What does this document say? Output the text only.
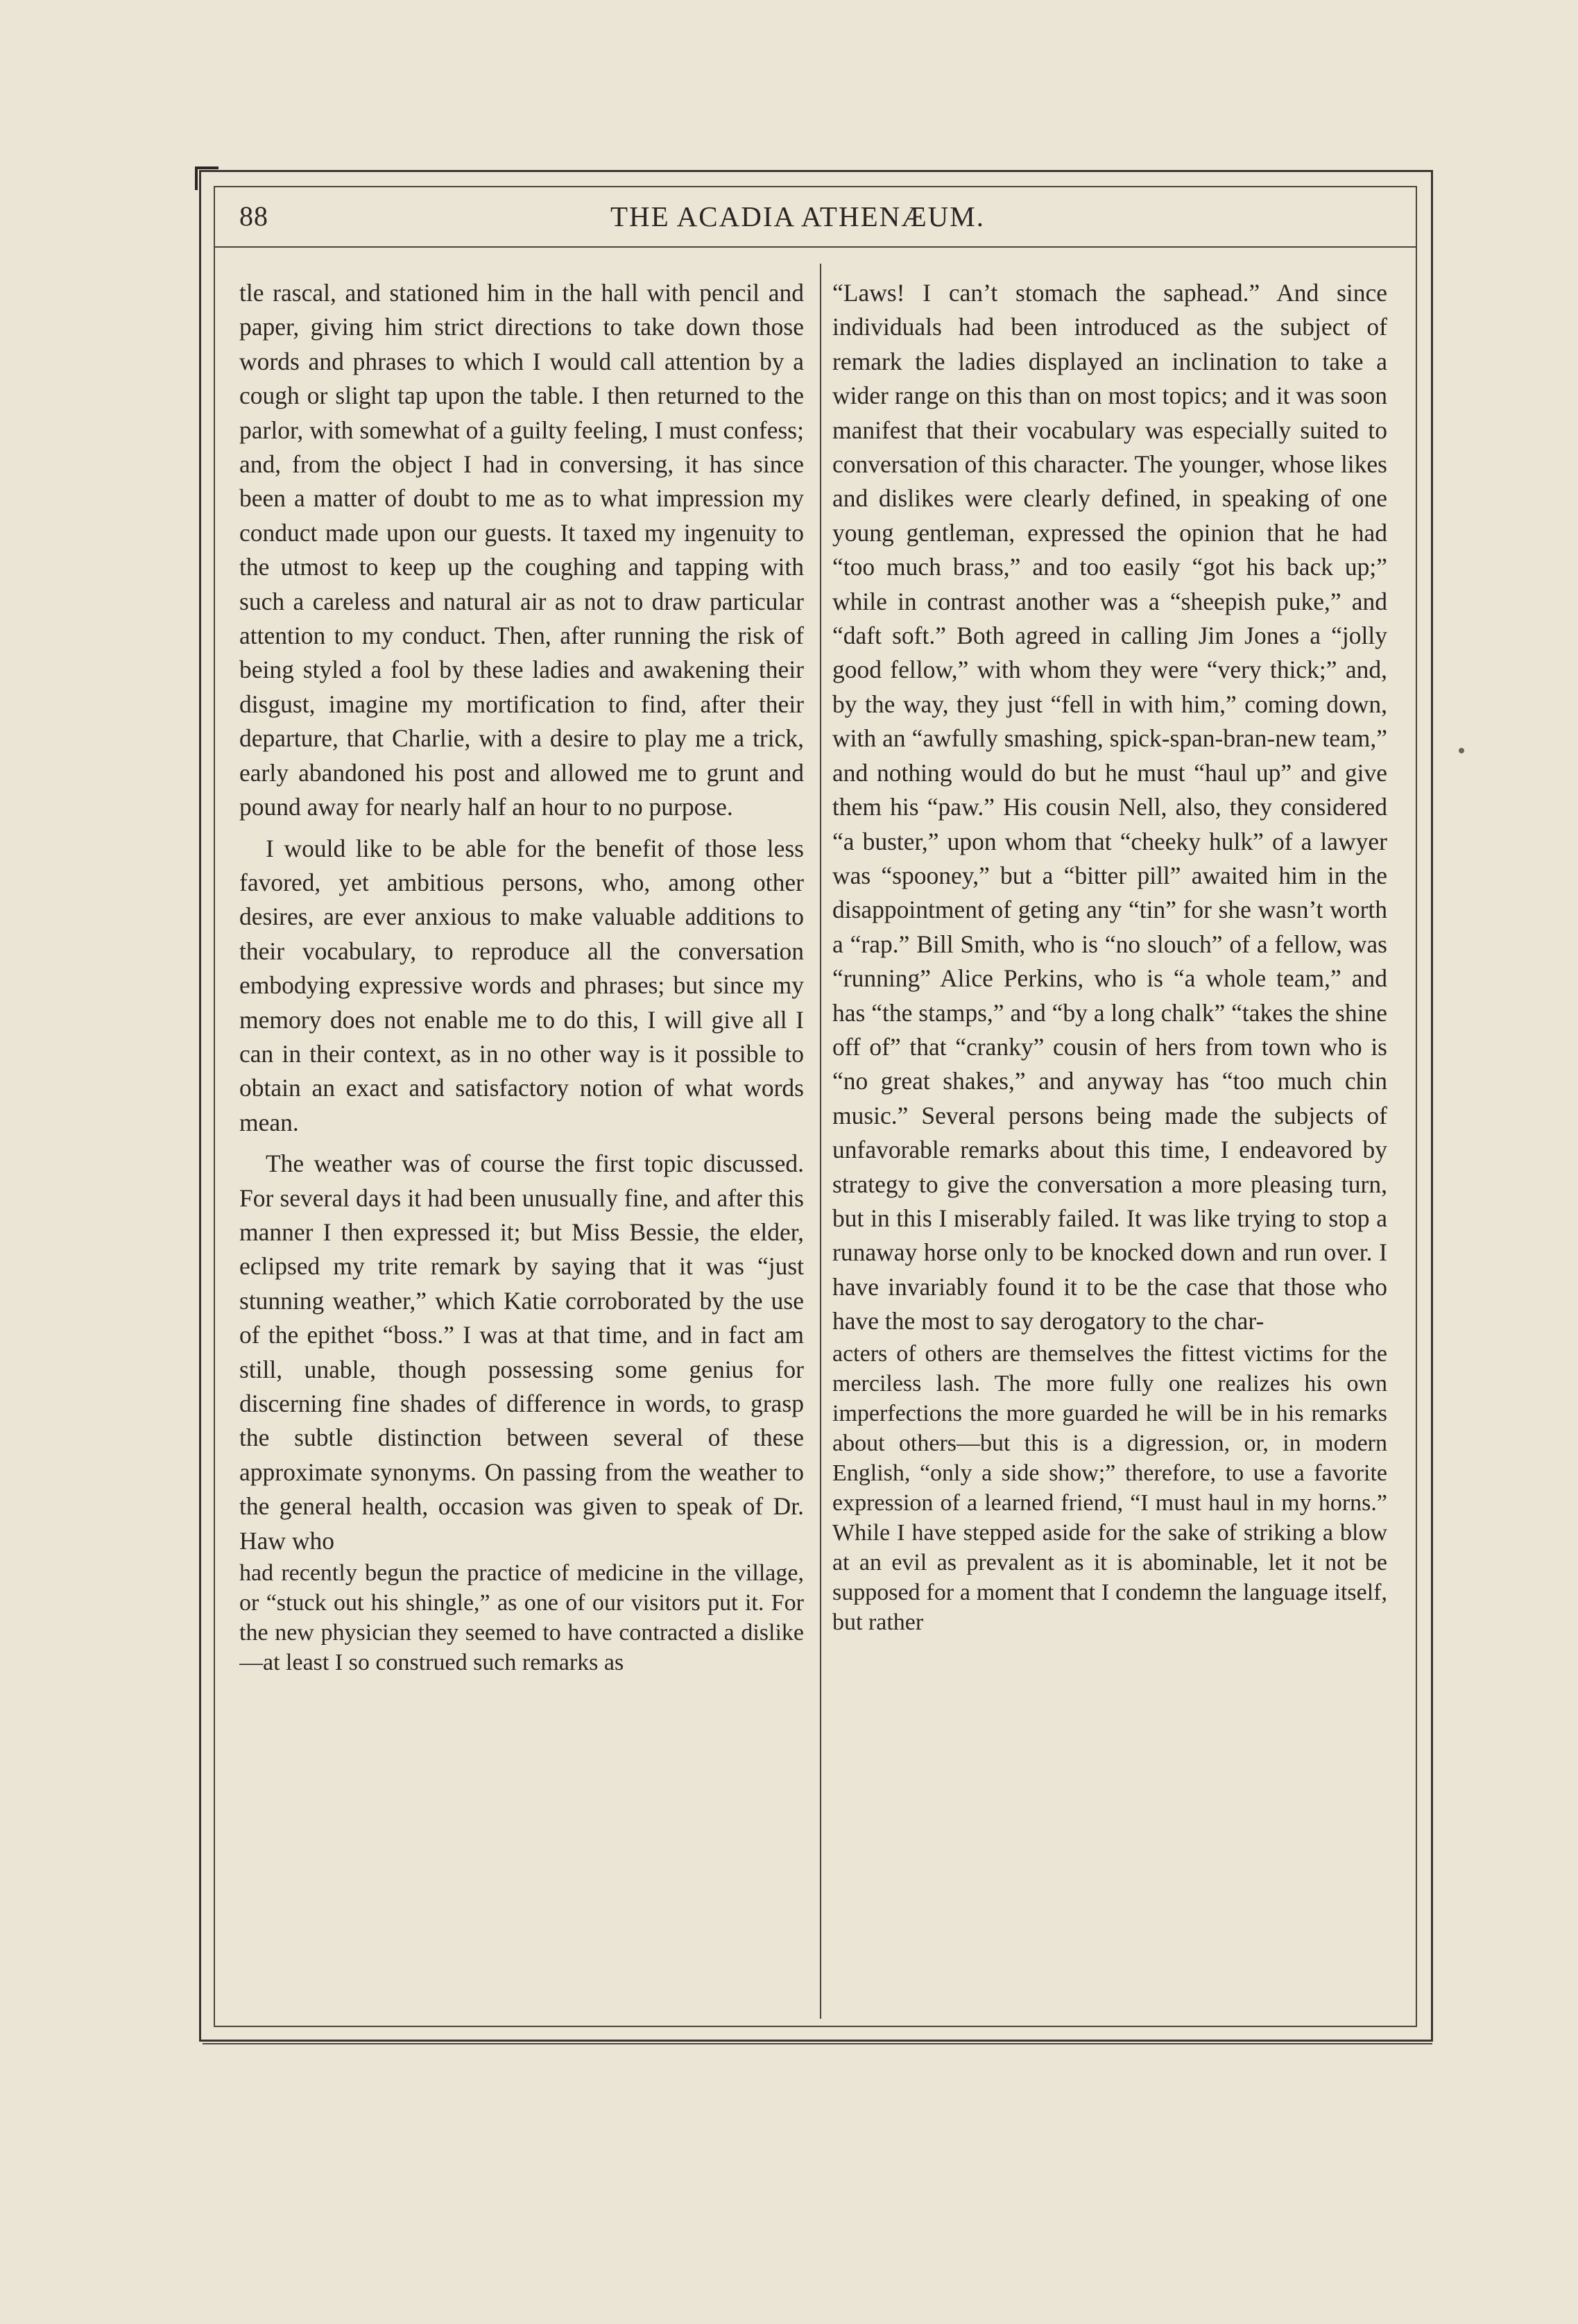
88	THE ACADIA ATHENÆUM.

tle rascal, and stationed him in the hall with pencil and paper, giving him strict directions to take down those words and phrases to which I would call attention by a cough or slight tap upon the table. I then returned to the parlor, with somewhat of a guilty feeling, I must confess; and, from the object I had in conversing, it has since been a matter of doubt to me as to what impression my conduct made upon our guests. It taxed my ingenuity to the utmost to keep up the coughing and tapping with such a careless and natural air as not to draw particular attention to my conduct. Then, after running the risk of being styled a fool by these ladies and awakening their disgust, imagine my mortification to find, after their departure, that Charlie, with a desire to play me a trick, early abandoned his post and allowed me to grunt and pound away for nearly half an hour to no purpose.

I would like to be able for the benefit of those less favored, yet ambitious persons, who, among other desires, are ever anxious to make valuable additions to their vocabulary, to reproduce all the conversation embodying expressive words and phrases; but since my memory does not enable me to do this, I will give all I can in their context, as in no other way is it possible to obtain an exact and satisfactory notion of what words mean.

The weather was of course the first topic discussed. For several days it had been unusually fine, and after this manner I then expressed it; but Miss Bessie, the elder, eclipsed my trite remark by saying that it was “just stunning weather,” which Katie corroborated by the use of the epithet “boss.” I was at that time, and in fact am still, unable, though possessing some genius for discerning fine shades of difference in words, to grasp the subtle distinction between several of these approximate synonyms. On passing from the weather to the general health, occasion was given to speak of Dr. Haw who

had recently begun the practice of medicine in the village, or “stuck out his shingle,” as one of our visitors put it. For the new physician they seemed to have contracted a dislike—at least I so construed such remarks as

“Laws! I can’t stomach the saphead.” And since individuals had been introduced as the subject of remark the ladies displayed an inclination to take a wider range on this than on most topics; and it was soon manifest that their vocabulary was especially suited to conversation of this character. The younger, whose likes and dislikes were clearly defined, in speaking of one young gentleman, expressed the opinion that he had “too much brass,” and too easily “got his back up;” while in contrast another was a “sheepish puke,” and “daft soft.” Both agreed in calling Jim Jones a “jolly good fellow,” with whom they were “very thick;” and, by the way, they just “fell in with him,” coming down, with an “awfully smashing, spick-span-bran-new team,” and nothing would do but he must “haul up” and give them his “paw.” His cousin Nell, also, they considered “a buster,” upon whom that “cheeky hulk” of a lawyer was “spooney,” but a “bitter pill” awaited him in the disappointment of geting any “tin” for she wasn’t worth a “rap.” Bill Smith, who is “no slouch” of a fellow, was “running” Alice Perkins, who is “a whole team,” and has “the stamps,” and “by a long chalk” “takes the shine off of” that “cranky” cousin of hers from town who is “no great shakes,” and anyway has “too much chin music.” Several persons being made the subjects of unfavorable remarks about this time, I endeavored by strategy to give the conversation a more pleasing turn, but in this I miserably failed. It was like trying to stop a runaway horse only to be knocked down and run over. I have invariably found it to be the case that those who have the most to say derogatory to the char-

acters of others are themselves the fittest victims for the merciless lash. The more fully one realizes his own imperfections the more guarded he will be in his remarks about others—but this is a digression, or, in modern English, “only a side show;” therefore, to use a favorite expression of a learned friend, “I must haul in my horns.” While I have stepped aside for the sake of striking a blow at an evil as prevalent as it is abominable, let it not be supposed for a moment that I condemn the language itself, but rather
